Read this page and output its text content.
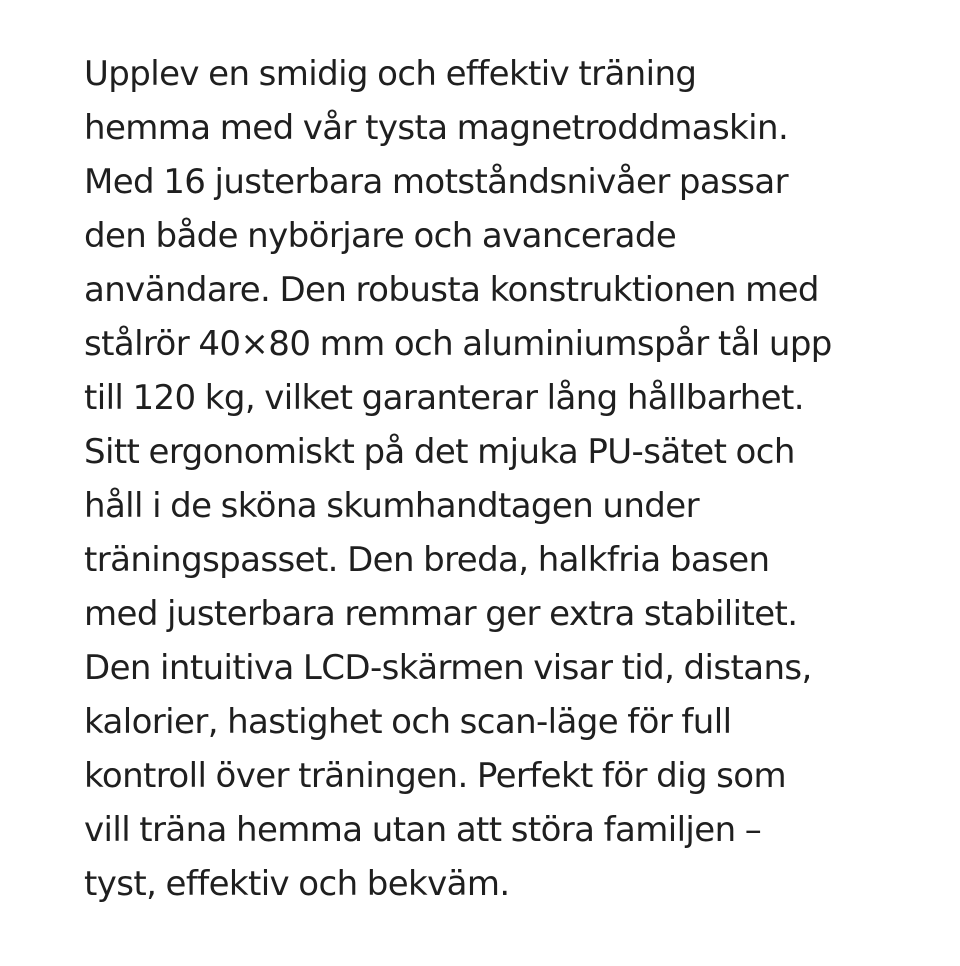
Upplev en smidig och effektiv träning
hemma med vår tysta magnetroddmaskin.
Med 16 justerbara motståndsnivåer passar
den både nybörjare och avancerade
användare. Den robusta konstruktionen med
stålrör 40×80 mm och aluminiumspår tål upp
till 120 kg, vilket garanterar lång hållbarhet.
Sitt ergonomiskt på det mjuka PU-sätet och
håll i de sköna skumhandtagen under
träningspasset. Den breda, halkfria basen
med justerbara remmar ger extra stabilitet.
Den intuitiva LCD-skärmen visar tid, distans,
kalorier, hastighet och scan-läge för full
kontroll över träningen. Perfekt för dig som
vill träna hemma utan att störa familjen –
tyst, effektiv och bekväm.
